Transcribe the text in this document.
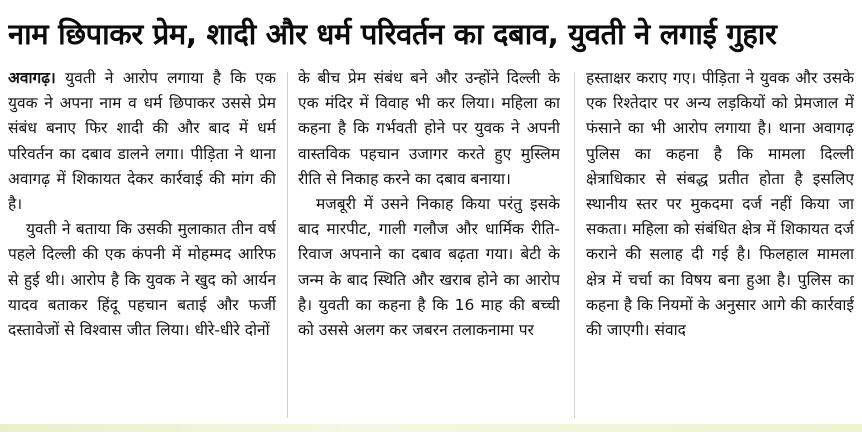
नाम छिपाकर प्रेम, शादी और धर्म परिवर्तन का दबाव, युवती ने लगाई गुहार

अवागढ़। युवती ने आरोप लगाया है कि एक युवक ने अपना नाम व धर्म छिपाकर उससे प्रेम संबंध बनाए फिर शादी की और बाद में धर्म परिवर्तन का दबाव डालने लगा। पीड़िता ने थाना अवागढ़ में शिकायत देकर कार्रवाई की मांग की है।

युवती ने बताया कि उसकी मुलाकात तीन वर्ष पहले दिल्ली की एक कंपनी में मोहम्मद आरिफ से हुई थी। आरोप है कि युवक ने खुद को आर्यन यादव बताकर हिंदू पहचान बताई और फर्जी दस्तावेजों से विश्वास जीत लिया। धीरे-धीरे दोनों

के बीच प्रेम संबंध बने और उन्होंने दिल्ली के एक मंदिर में विवाह भी कर लिया। महिला का कहना है कि गर्भवती होने पर युवक ने अपनी वास्तविक पहचान उजागर करते हुए मुस्लिम रीति से निकाह करने का दबाव बनाया।

मजबूरी में उसने निकाह किया परंतु इसके बाद मारपीट, गाली गलौज और धार्मिक रीति-रिवाज अपनाने का दबाव बढ़ता गया। बेटी के जन्म के बाद स्थिति और खराब होने का आरोप है। युवती का कहना है कि 16 माह की बच्ची को उससे अलग कर जबरन तलाकनामा पर

हस्ताक्षर कराए गए। पीड़िता ने युवक और उसके एक रिश्तेदार पर अन्य लड़कियों को प्रेमजाल में फंसाने का भी आरोप लगाया है। थाना अवागढ़ पुलिस का कहना है कि मामला दिल्ली क्षेत्राधिकार से संबद्ध प्रतीत होता है इसलिए स्थानीय स्तर पर मुकदमा दर्ज नहीं किया जा सकता। महिला को संबंधित क्षेत्र में शिकायत दर्ज कराने की सलाह दी गई है। फिलहाल मामला क्षेत्र में चर्चा का विषय बना हुआ है। पुलिस का कहना है कि नियमों के अनुसार आगे की कार्रवाई की जाएगी। संवाद
